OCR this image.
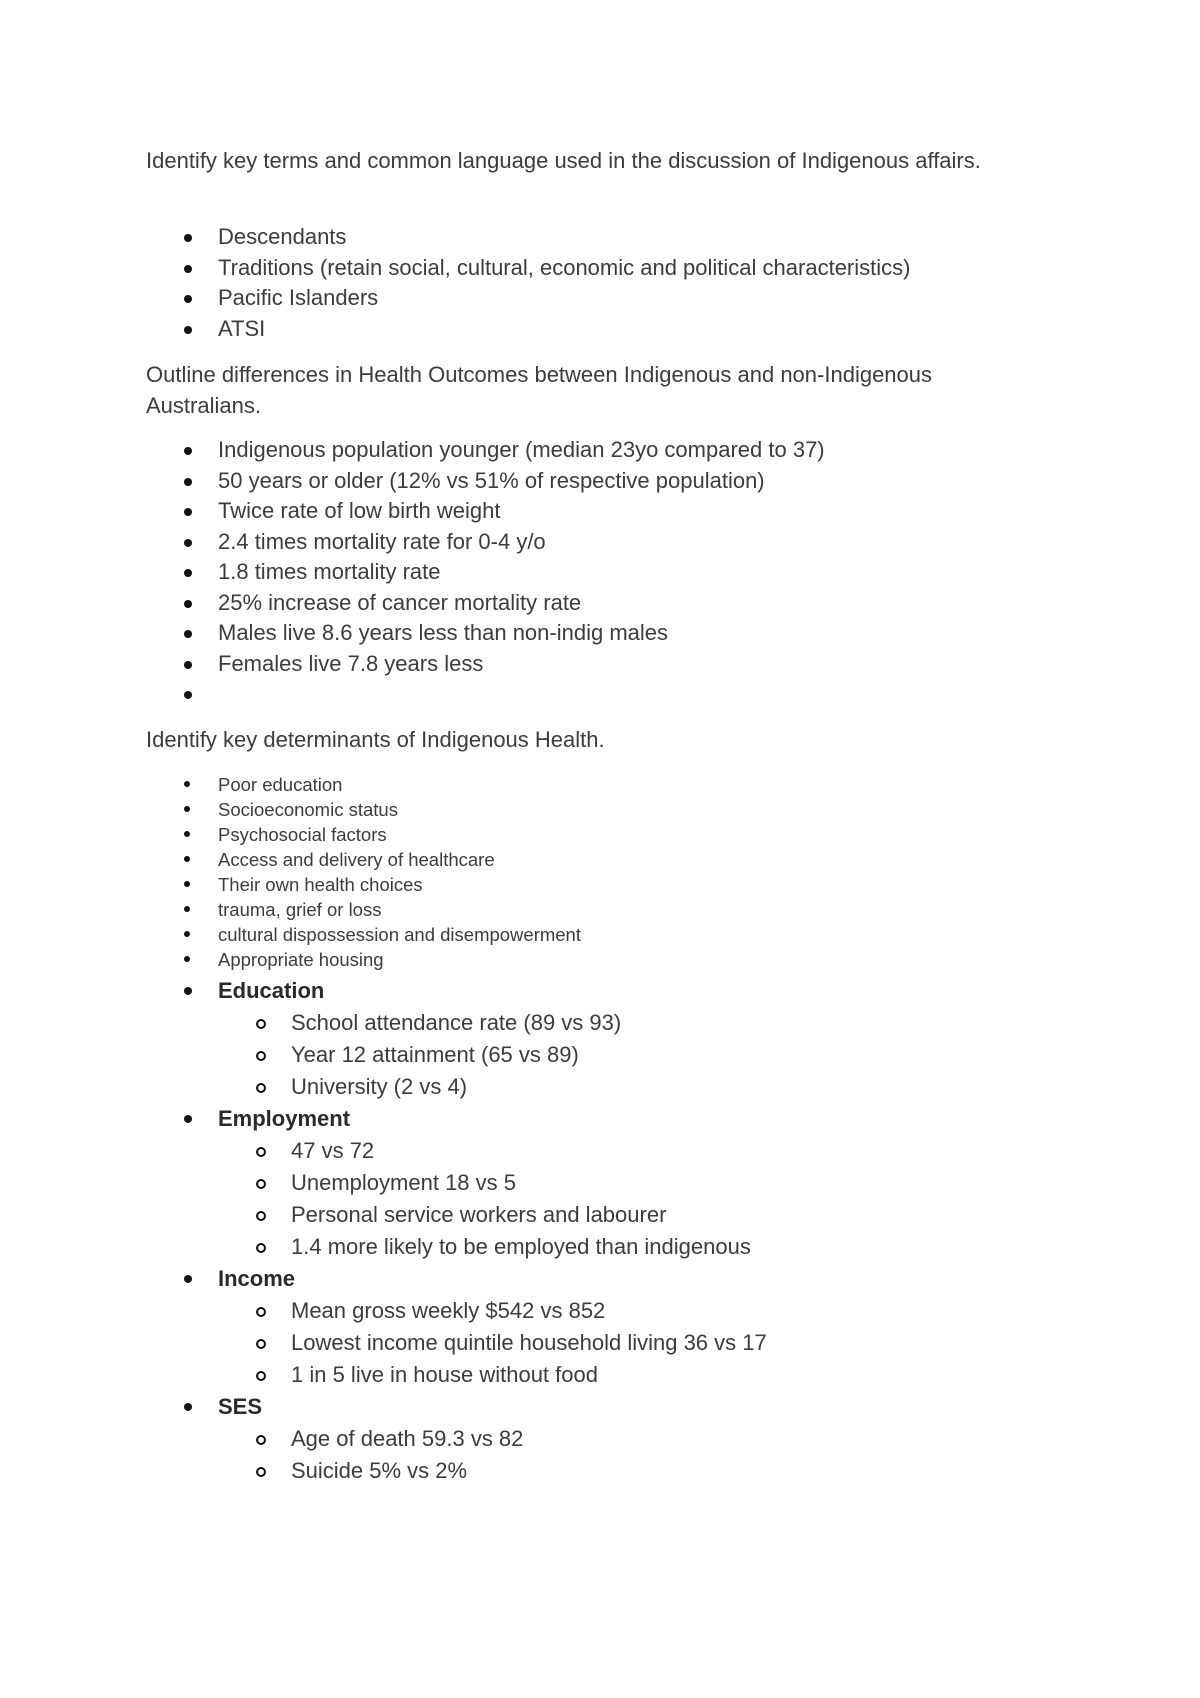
Identify key terms and common language used in the discussion of Indigenous affairs.
Descendants
Traditions (retain social, cultural, economic and political characteristics)
Pacific Islanders
ATSI
Outline differences in Health Outcomes between Indigenous and non-Indigenous Australians.
Indigenous population younger (median 23yo compared to 37)
50 years or older (12% vs 51% of respective population)
Twice rate of low birth weight
2.4 times mortality rate for 0-4 y/o
1.8 times mortality rate
25% increase of cancer mortality rate
Males live 8.6 years less than non-indig males
Females live 7.8 years less
Identify key determinants of Indigenous Health.
Poor education
Socioeconomic status
Psychosocial factors
Access and delivery of healthcare
Their own health choices
trauma, grief or loss
cultural dispossession and disempowerment
Appropriate housing
Education
School attendance rate (89 vs 93)
Year 12 attainment (65 vs 89)
University (2 vs 4)
Employment
47 vs 72
Unemployment 18 vs 5
Personal service workers and labourer
1.4 more likely to be employed than indigenous
Income
Mean gross weekly $542 vs 852
Lowest income quintile household living 36 vs 17
1 in 5 live in house without food
SES
Age of death 59.3 vs 82
Suicide 5% vs 2%
